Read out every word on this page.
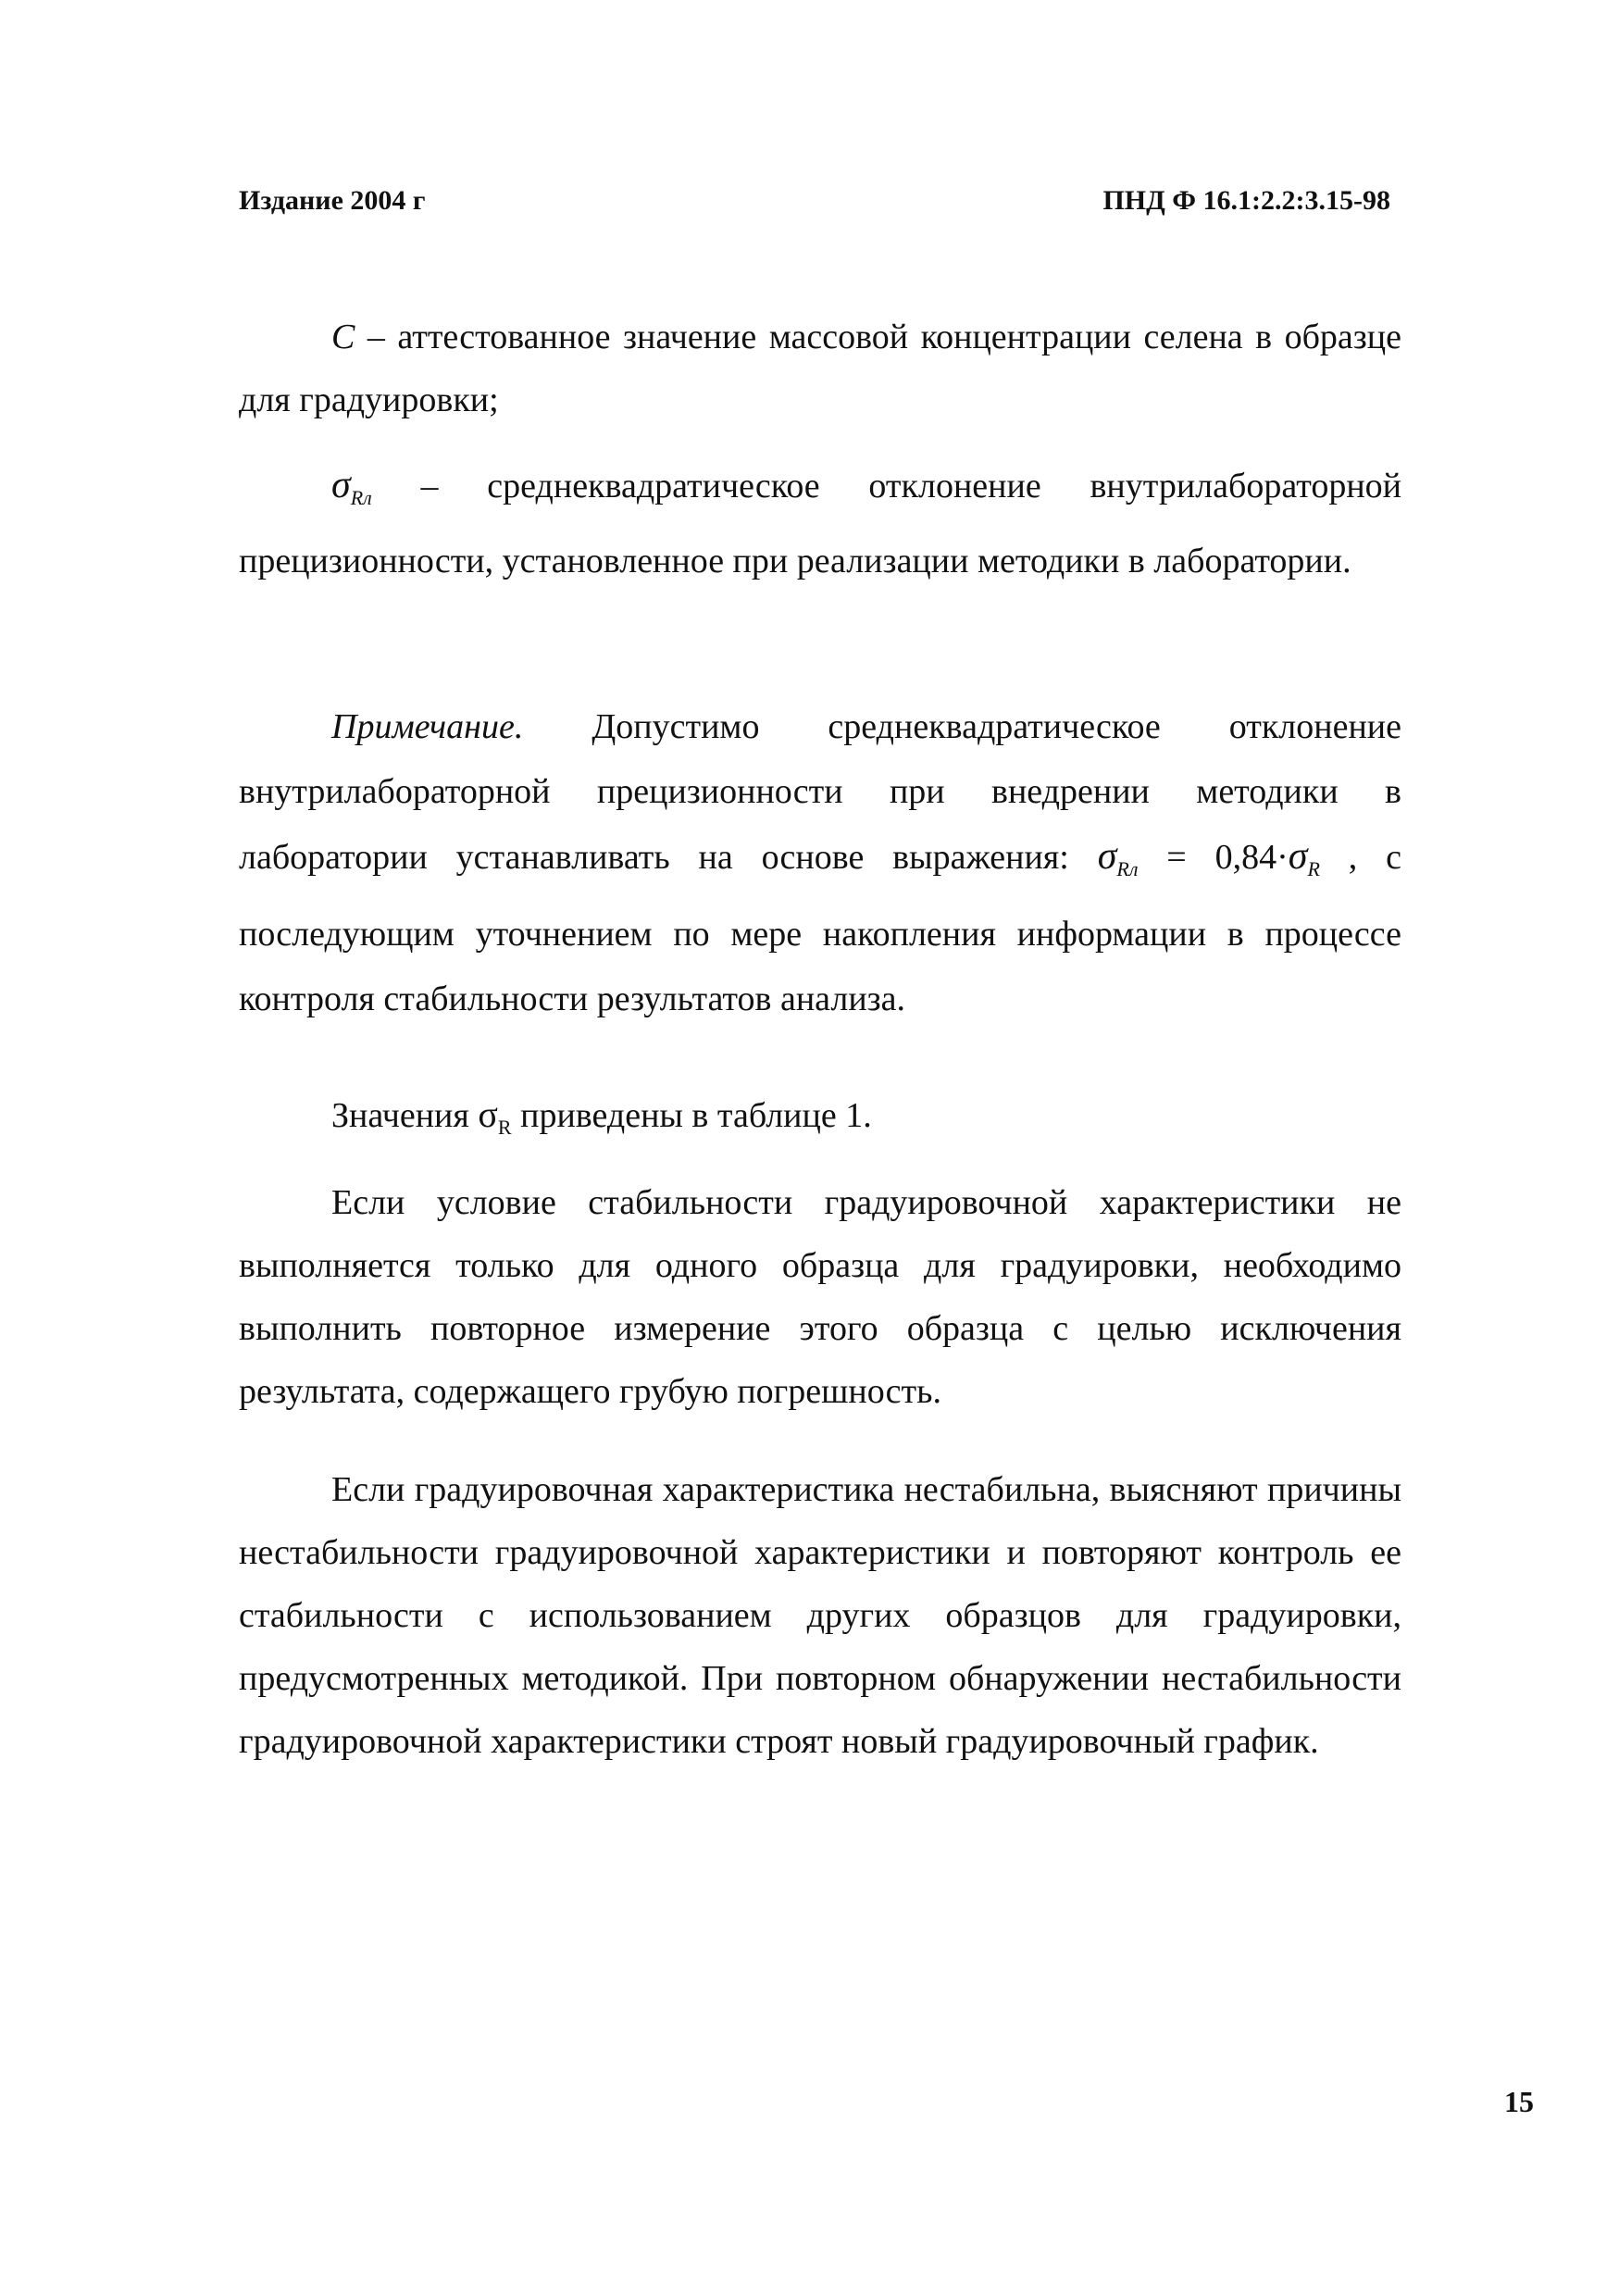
Издание 2004 г	ПНД Ф 16.1:2.2:3.15-98

C – аттестованное значение массовой концентрации селена в образце для градуировки;

$\sigma_{Rл}$ – среднеквадратическое отклонение внутрилабораторной прецизионности, установленное при реализации методики в лаборатории.

Примечание. Допустимо среднеквадратическое отклонение внутрилабораторной прецизионности при внедрении методики в лаборатории устанавливать на основе выражения: $\sigma_{Rл} = 0,84\cdot\sigma_R$ , с последующим уточнением по мере накопления информации в процессе контроля стабильности результатов анализа.

Значения $\sigma_R$ приведены в таблице 1.

Если условие стабильности градуировочной характеристики не выполняется только для одного образца для градуировки, необходимо выполнить повторное измерение этого образца с целью исключения результата, содержащего грубую погрешность.

Если градуировочная характеристика нестабильна, выясняют причины нестабильности градуировочной характеристики и повторяют контроль ее стабильности с использованием других образцов для градуировки, предусмотренных методикой. При повторном обнаружении нестабильности градуировочной характеристики строят новый градуировочный график.

15
